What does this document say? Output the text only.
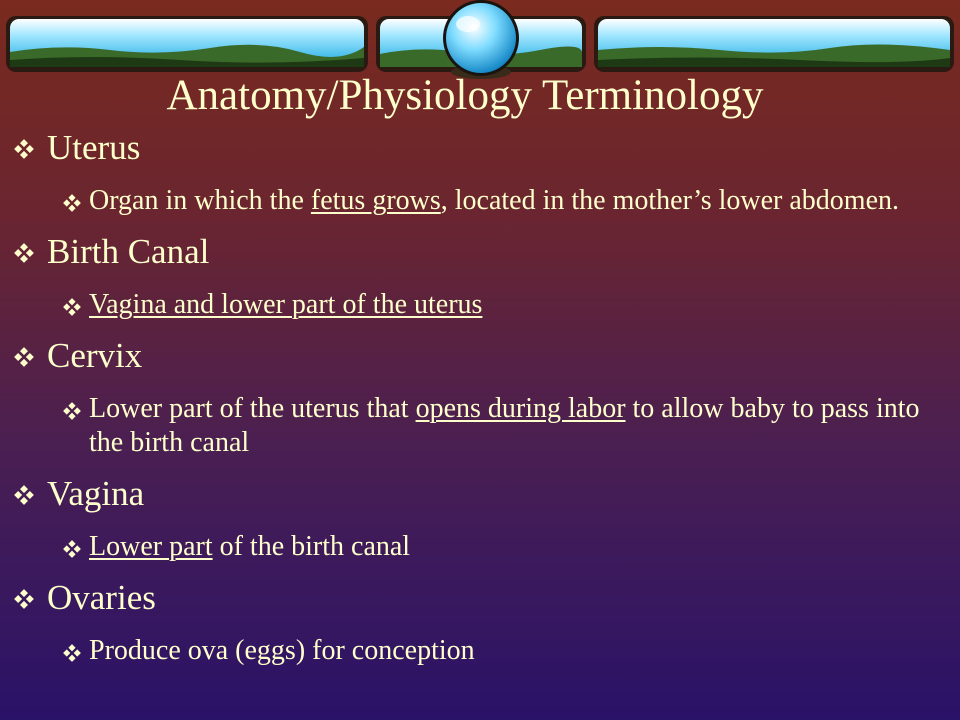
Anatomy/Physiology Terminology
Uterus
Organ in which the fetus grows, located in the mother’s lower abdomen.
Birth Canal
Vagina and lower part of the uterus
Cervix
Lower part of the uterus that opens during labor to allow baby to pass into the birth canal
Vagina
Lower part of the birth canal
Ovaries
Produce ova (eggs) for conception
